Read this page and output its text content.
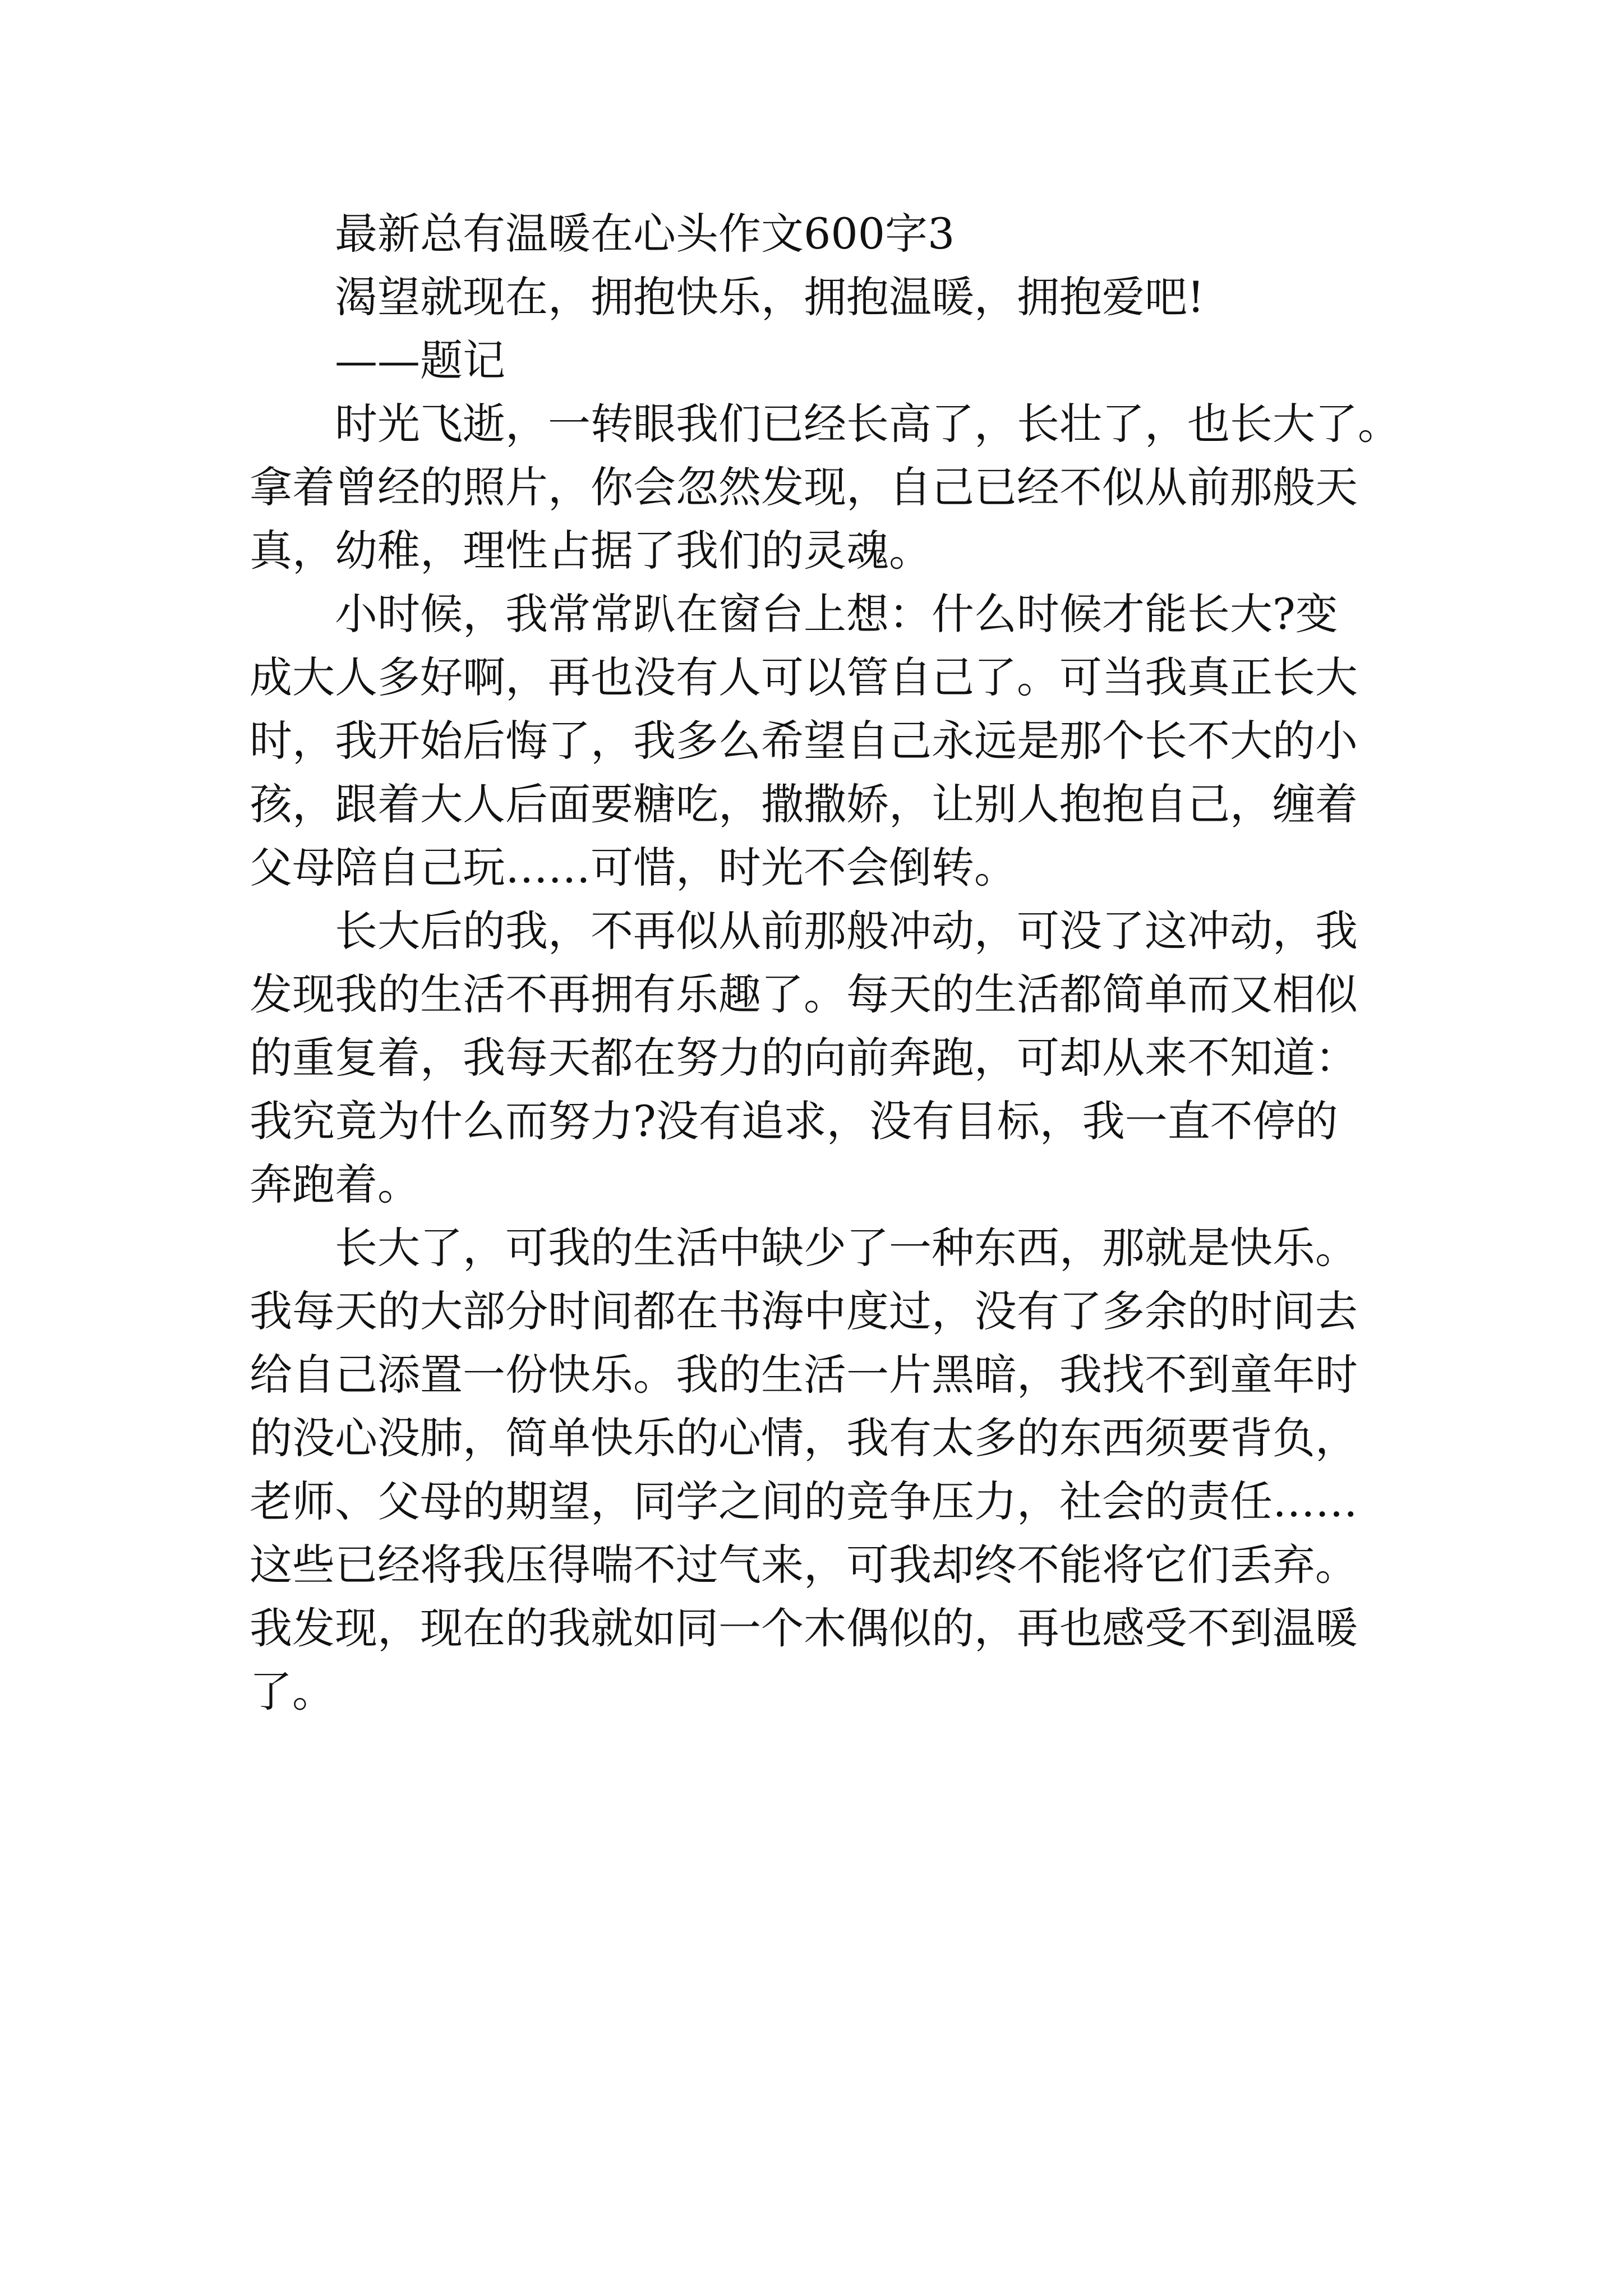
最新总有温暖在心头作文600字3

渴望就现在，拥抱快乐，拥抱温暖，拥抱爱吧!

——题记

时光飞逝，一转眼我们已经长高了，长壮了，也长大了。
拿着曾经的照片，你会忽然发现，自己已经不似从前那般天
真，幼稚，理性占据了我们的灵魂。
小时候，我常常趴在窗台上想：什么时候才能长大?变
成大人多好啊，再也没有人可以管自己了。可当我真正长大
时，我开始后悔了，我多么希望自己永远是那个长不大的小
孩，跟着大人后面要糖吃，撒撒娇，让别人抱抱自己，缠着
父母陪自己玩……可惜，时光不会倒转。
长大后的我，不再似从前那般冲动，可没了这冲动，我
发现我的生活不再拥有乐趣了。每天的生活都简单而又相似
的重复着，我每天都在努力的向前奔跑，可却从来不知道：
我究竟为什么而努力?没有追求，没有目标，我一直不停的
奔跑着。
长大了，可我的生活中缺少了一种东西，那就是快乐。
我每天的大部分时间都在书海中度过，没有了多余的时间去
给自己添置一份快乐。我的生活一片黑暗，我找不到童年时
的没心没肺，简单快乐的心情，我有太多的东西须要背负，
老师、父母的期望，同学之间的竞争压力，社会的责任……
这些已经将我压得喘不过气来，可我却终不能将它们丢弃。
我发现，现在的我就如同一个木偶似的，再也感受不到温暖
了。
